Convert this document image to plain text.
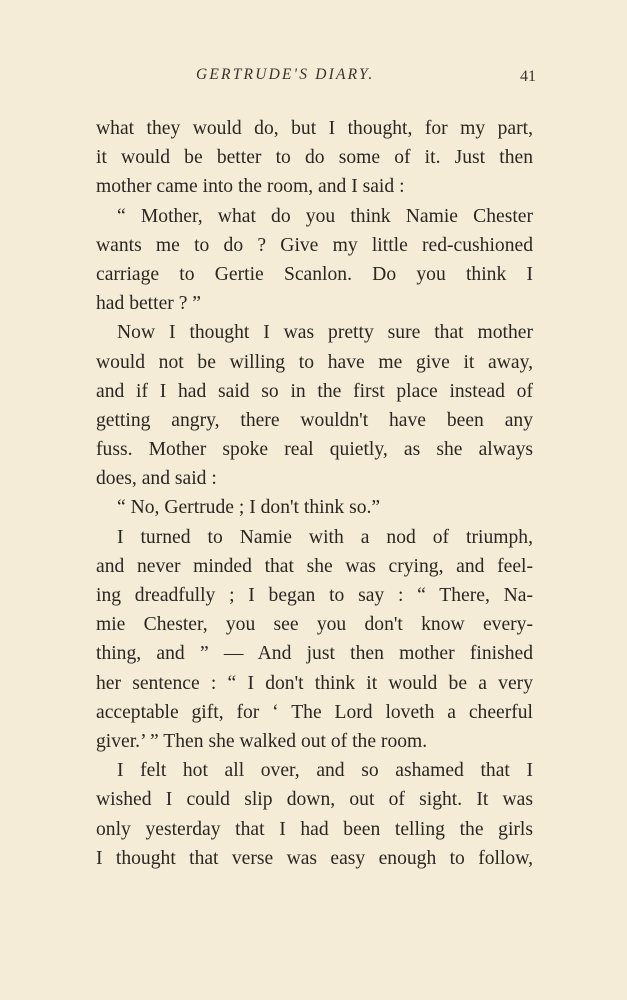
GERTRUDE'S DIARY.	41
what they would do, but I thought, for my part,
it would be better to do some of it. Just then
mother came into the room, and I said :
“ Mother, what do you think Namie Chester
wants me to do ? Give my little red-cushioned
carriage to Gertie Scanlon. Do you think I
had better ? ”
Now I thought I was pretty sure that mother
would not be willing to have me give it away,
and if I had said so in the first place instead of
getting angry, there wouldn't have been any
fuss. Mother spoke real quietly, as she always
does, and said :
“ No, Gertrude ; I don't think so.”
I turned to Namie with a nod of triumph,
and never minded that she was crying, and feel-
ing dreadfully ; I began to say : “ There, Na-
mie Chester, you see you don't know every-
thing, and ” — And just then mother finished
her sentence : “ I don't think it would be a very
acceptable gift, for ‘ The Lord loveth a cheerful
giver.’ ” Then she walked out of the room.
I felt hot all over, and so ashamed that I
wished I could slip down, out of sight. It was
only yesterday that I had been telling the girls
I thought that verse was easy enough to follow,
